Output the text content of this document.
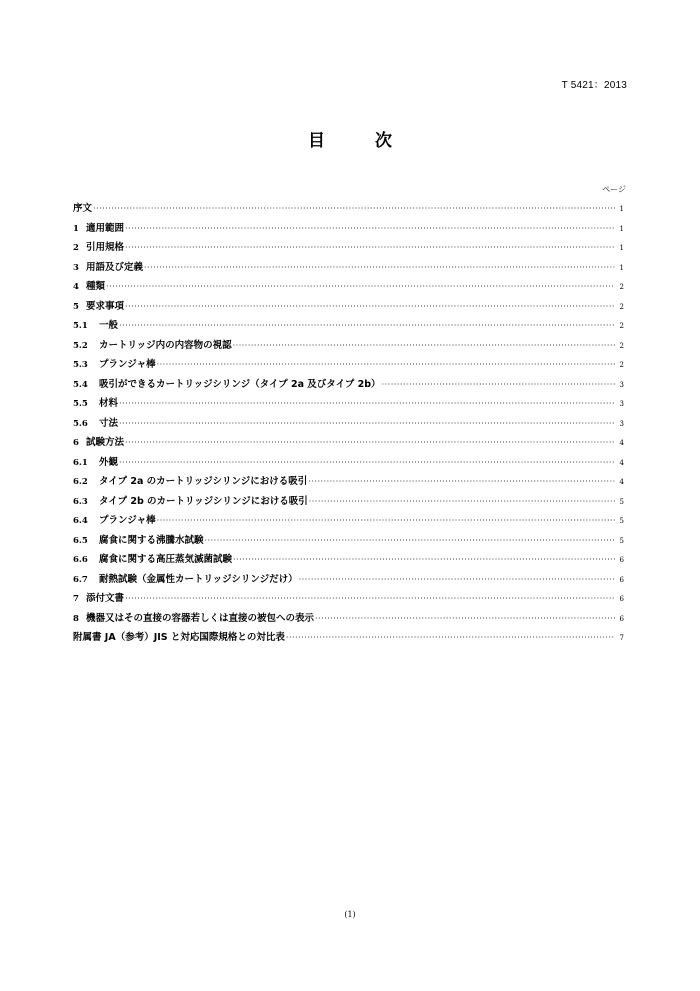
T 5421：2013
目 次
ページ
序文 ·····	1
1 適用範囲 ·····	1
2 引用規格 ·····	1
3 用語及び定義 ·····	1
4 種類 ·····	2
5 要求事項 ·····	2
5.1	一般 ·····	2
5.2	カートリッジ内の内容物の視認 ·····	2
5.3	プランジャ棒 ·····	2
5.4	吸引ができるカートリッジシリンジ（タイプ 2a 及びタイプ 2b） ·····	3
5.5	材料 ·····	3
5.6	寸法 ·····	3
6 試験方法 ·····	4
6.1	外観 ·····	4
6.2	タイプ 2a のカートリッジシリンジにおける吸引 ·····	4
6.3	タイプ 2b のカートリッジシリンジにおける吸引 ·····	5
6.4	プランジャ棒 ·····	5
6.5	腐食に関する沸騰水試験 ·····	5
6.6	腐食に関する高圧蒸気滅菌試験 ·····	6
6.7	耐熱試験（金属性カートリッジシリンジだけ） ·····	6
7 添付文書 ·····	6
8 機器又はその直接の容器若しくは直接の被包への表示 ·····	6
附属書 JA（参考）JIS と対応国際規格との対比表 ·····	7
(1)
